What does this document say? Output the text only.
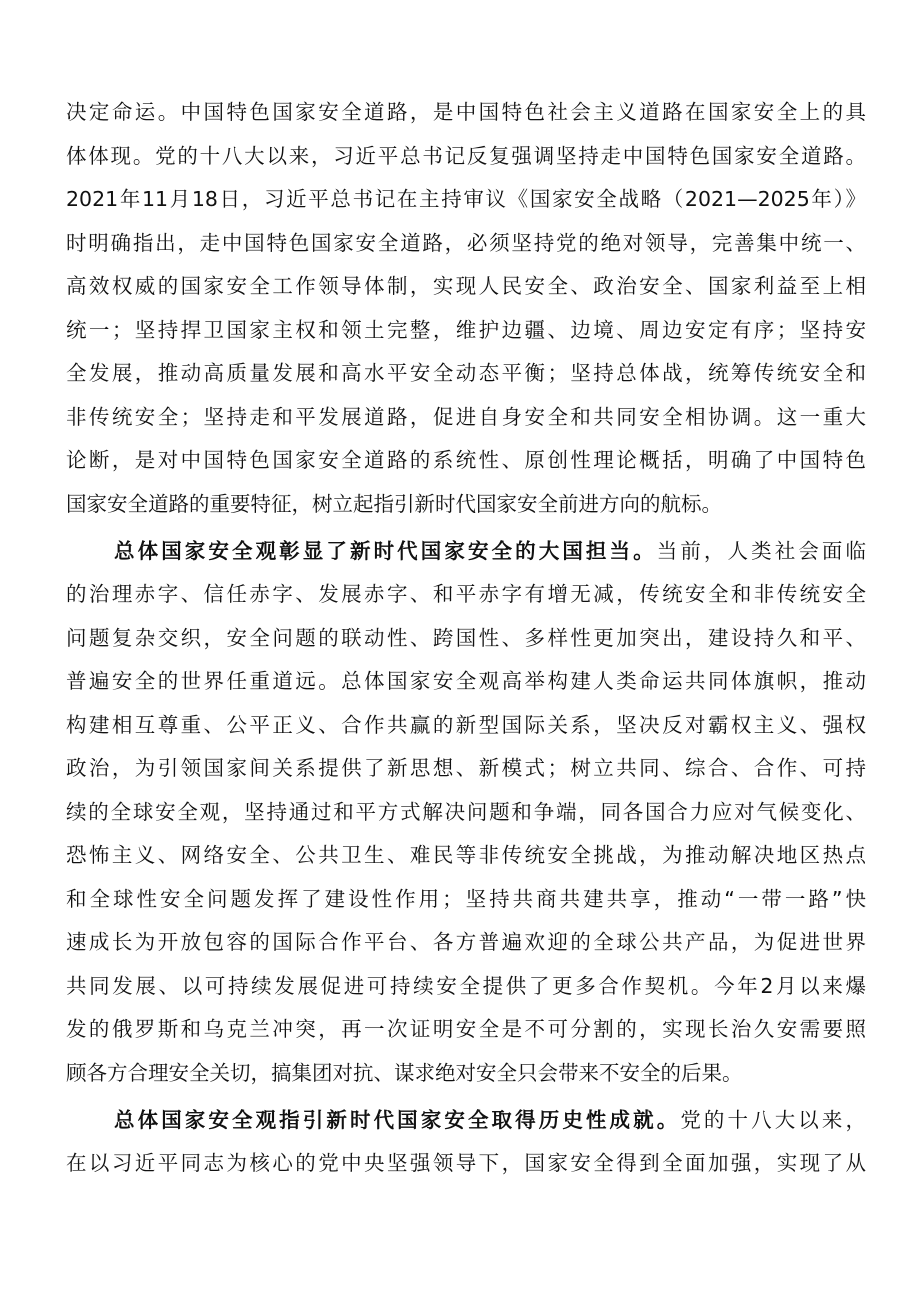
决定命运。中国特色国家安全道路，是中国特色社会主义道路在国家安全上的具
体体现。党的十八大以来，习近平总书记反复强调坚持走中国特色国家安全道路。
2021年11月18日，习近平总书记在主持审议《国家安全战略（2021—2025年）》
时明确指出，走中国特色国家安全道路，必须坚持党的绝对领导，完善集中统一、
高效权威的国家安全工作领导体制，实现人民安全、政治安全、国家利益至上相
统一；坚持捍卫国家主权和领土完整，维护边疆、边境、周边安定有序；坚持安
全发展，推动高质量发展和高水平安全动态平衡；坚持总体战，统筹传统安全和
非传统安全；坚持走和平发展道路，促进自身安全和共同安全相协调。这一重大
论断，是对中国特色国家安全道路的系统性、原创性理论概括，明确了中国特色
国家安全道路的重要特征，树立起指引新时代国家安全前进方向的航标。
总体国家安全观彰显了新时代国家安全的大国担当。当前，人类社会面临
的治理赤字、信任赤字、发展赤字、和平赤字有增无减，传统安全和非传统安全
问题复杂交织，安全问题的联动性、跨国性、多样性更加突出，建设持久和平、
普遍安全的世界任重道远。总体国家安全观高举构建人类命运共同体旗帜，推动
构建相互尊重、公平正义、合作共赢的新型国际关系，坚决反对霸权主义、强权
政治，为引领国家间关系提供了新思想、新模式；树立共同、综合、合作、可持
续的全球安全观，坚持通过和平方式解决问题和争端，同各国合力应对气候变化、
恐怖主义、网络安全、公共卫生、难民等非传统安全挑战，为推动解决地区热点
和全球性安全问题发挥了建设性作用；坚持共商共建共享，推动“一带一路”快
速成长为开放包容的国际合作平台、各方普遍欢迎的全球公共产品，为促进世界
共同发展、以可持续发展促进可持续安全提供了更多合作契机。今年2月以来爆
发的俄罗斯和乌克兰冲突，再一次证明安全是不可分割的，实现长治久安需要照
顾各方合理安全关切，搞集团对抗、谋求绝对安全只会带来不安全的后果。
总体国家安全观指引新时代国家安全取得历史性成就。党的十八大以来，
在以习近平同志为核心的党中央坚强领导下，国家安全得到全面加强，实现了从
